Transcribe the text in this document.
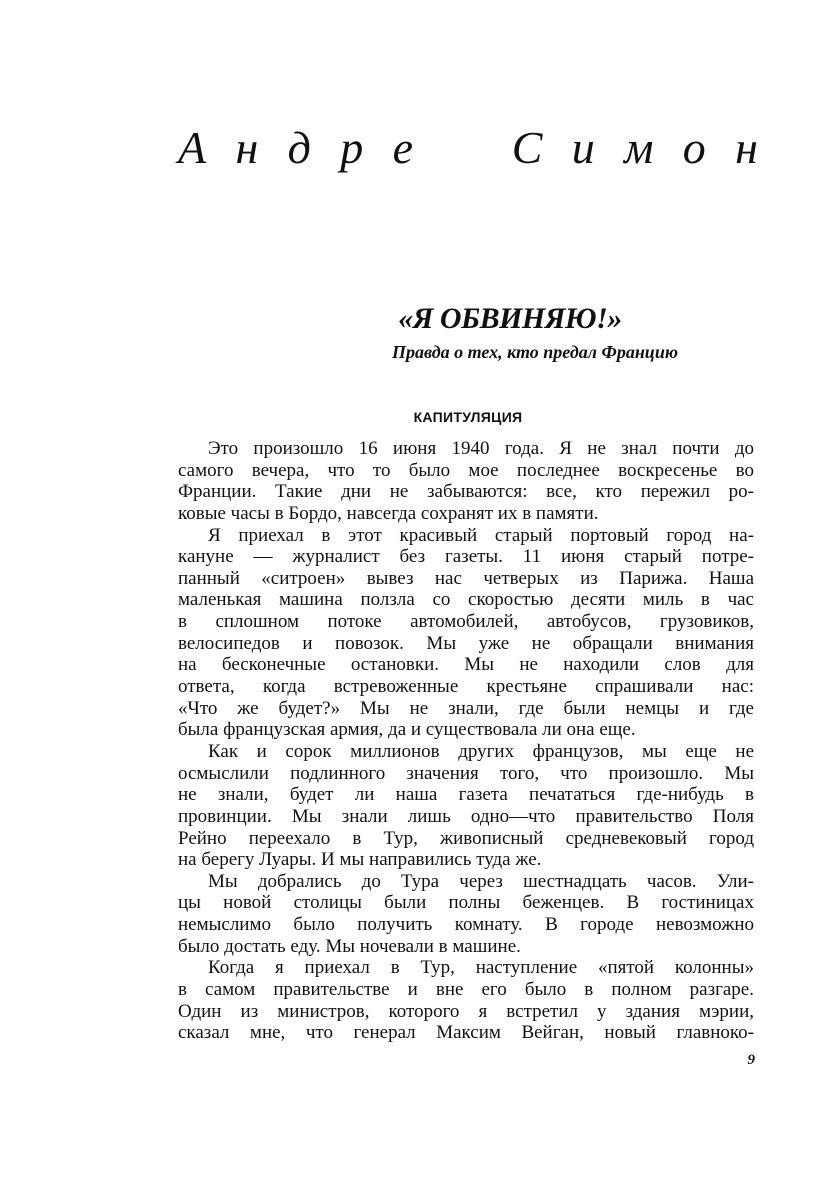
А н д р е С и м о н
«Я ОБВИНЯЮ!»
Правда о тех, кто предал Францию
КАПИТУЛЯЦИЯ
Это произошло 16 июня 1940 года. Я не знал почти до
самого вечера, что то было мое последнее воскресенье во
Франции. Такие дни не забываются: все, кто пережил ро-
ковые часы в Бордо, навсегда сохранят их в памяти.
Я приехал в этот красивый старый портовый город на-
кануне — журналист без газеты. 11 июня старый потре-
панный «ситроен» вывез нас четверых из Парижа. Наша
маленькая машина ползла со скоростью десяти миль в час
в сплошном потоке автомобилей, автобусов, грузовиков,
велосипедов и повозок. Мы уже не обращали внимания
на бесконечные остановки. Мы не находили слов для
ответа, когда встревоженные крестьяне спрашивали нас:
«Что же будет?» Мы не знали, где были немцы и где
была французская армия, да и существовала ли она еще.
Как и сорок миллионов других французов, мы еще не
осмыслили подлинного значения того, что произошло. Мы
не знали, будет ли наша газета печататься где-нибудь в
провинции. Мы знали лишь одно—что правительство Поля
Рейно переехало в Тур, живописный средневековый город
на берегу Луары. И мы направились туда же.
Мы добрались до Тура через шестнадцать часов. Ули-
цы новой столицы были полны беженцев. В гостиницах
немыслимо было получить комнату. В городе невозможно
было достать еду. Мы ночевали в машине.
Когда я приехал в Тур, наступление «пятой колонны»
в самом правительстве и вне его было в полном разгаре.
Один из министров, которого я встретил у здания мэрии,
сказал мне, что генерал Максим Вейган, новый главноко-
9
